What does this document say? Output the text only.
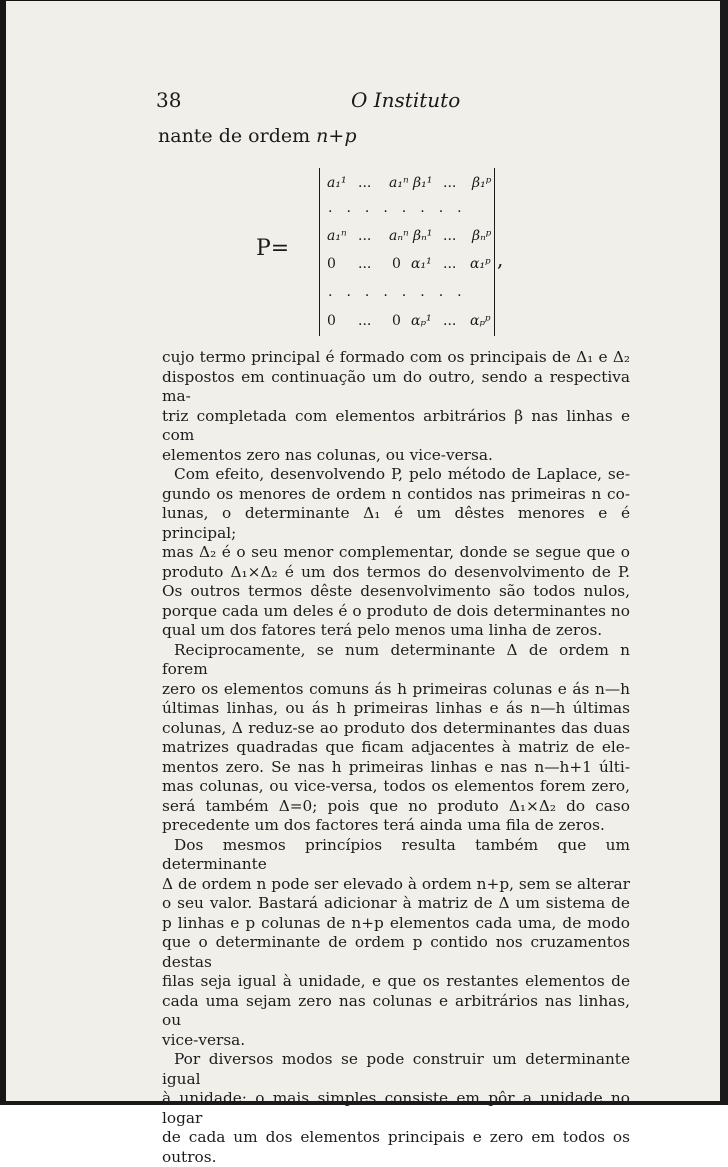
38	O Instituto
nante de ordem n+p
P=	,
a₁¹ ... a₁ⁿ β₁¹ ... β₁ᵖ
........
a₁ⁿ ... aₙⁿ βₙ¹ ... βₙᵖ
0 ... 0 α₁¹ ... α₁ᵖ
........
0 ... 0 αₚ¹ ... αₚᵖ

cujo termo principal é formado com os principais de Δ₁ e Δ₂

dispostos em continuação um do outro, sendo a respectiva ma-

triz completada com elementos arbitrários β nas linhas e com

elementos zero nas colunas, ou vice-versa.

Com efeito, desenvolvendo P, pelo método de Laplace, se-

gundo os menores de ordem n contidos nas primeiras n co-

lunas, o determinante Δ₁ é um dêstes menores e é principal;

mas Δ₂ é o seu menor complementar, donde se segue que o

produto Δ₁×Δ₂ é um dos termos do desenvolvimento de P.

Os outros termos dêste desenvolvimento são todos nulos,

porque cada um deles é o produto de dois determinantes no

qual um dos fatores terá pelo menos uma linha de zeros.

Reciprocamente, se num determinante Δ de ordem n forem

zero os elementos comuns ás h primeiras colunas e ás n—h

últimas linhas, ou ás h primeiras linhas e ás n—h últimas

colunas, Δ reduz-se ao produto dos determinantes das duas

matrizes quadradas que ficam adjacentes à matriz de ele-

mentos zero. Se nas h primeiras linhas e nas n—h+1 últi-

mas colunas, ou vice-versa, todos os elementos forem zero,

será também Δ=0; pois que no produto Δ₁×Δ₂ do caso

precedente um dos factores terá ainda uma fila de zeros.

Dos mesmos princípios resulta também que um determinante

Δ de ordem n pode ser elevado à ordem n+p, sem se alterar

o seu valor. Bastará adicionar à matriz de Δ um sistema de

p linhas e p colunas de n+p elementos cada uma, de modo

que o determinante de ordem p contido nos cruzamentos destas

filas seja igual à unidade, e que os restantes elementos de

cada uma sejam zero nas colunas e arbitrários nas linhas, ou

vice-versa.

Por diversos modos se pode construir um determinante igual

à unidade; o mais simples consiste em pôr a unidade no logar

de cada um dos elementos principais e zero em todos os outros.
